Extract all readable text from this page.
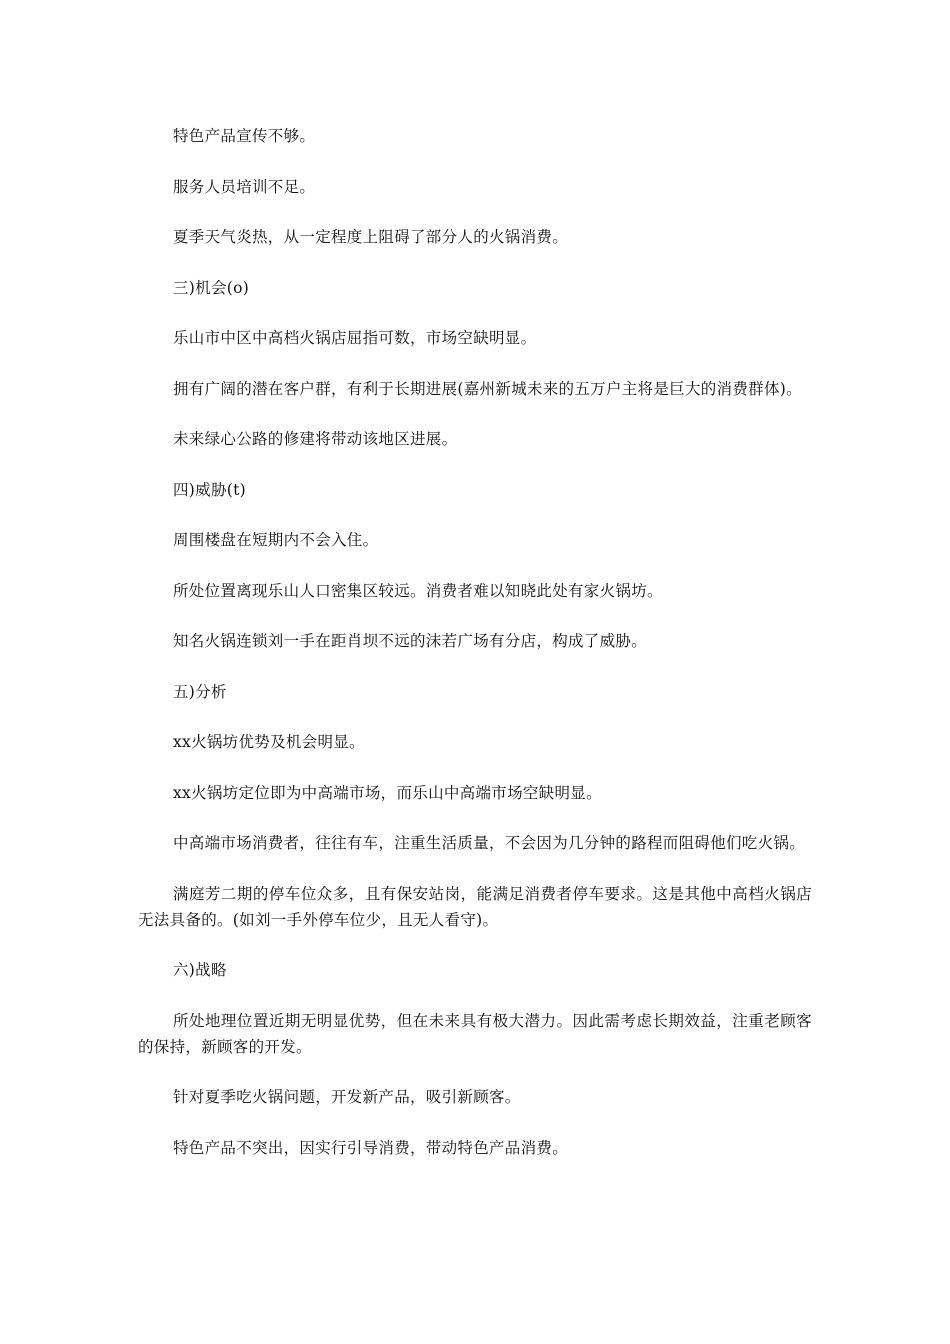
特色产品宣传不够。

服务人员培训不足。

夏季天气炎热，从一定程度上阻碍了部分人的火锅消费。

三)机会(o)

乐山市中区中高档火锅店屈指可数，市场空缺明显。

拥有广阔的潜在客户群，有利于长期进展(嘉州新城未来的五万户主将是巨大的消费群体)。

未来绿心公路的修建将带动该地区进展。

四)威胁(t)

周围楼盘在短期内不会入住。

所处位置离现乐山人口密集区较远。消费者难以知晓此处有家火锅坊。

知名火锅连锁刘一手在距肖坝不远的沫若广场有分店，构成了威胁。

五)分析

xx火锅坊优势及机会明显。

xx火锅坊定位即为中高端市场，而乐山中高端市场空缺明显。

中高端市场消费者，往往有车，注重生活质量，不会因为几分钟的路程而阻碍他们吃火锅。

满庭芳二期的停车位众多，且有保安站岗，能满足消费者停车要求。这是其他中高档火锅店无法具备的。(如刘一手外停车位少，且无人看守)。

六)战略

所处地理位置近期无明显优势，但在未来具有极大潜力。因此需考虑长期效益，注重老顾客的保持，新顾客的开发。

针对夏季吃火锅问题，开发新产品，吸引新顾客。

特色产品不突出，因实行引导消费，带动特色产品消费。
